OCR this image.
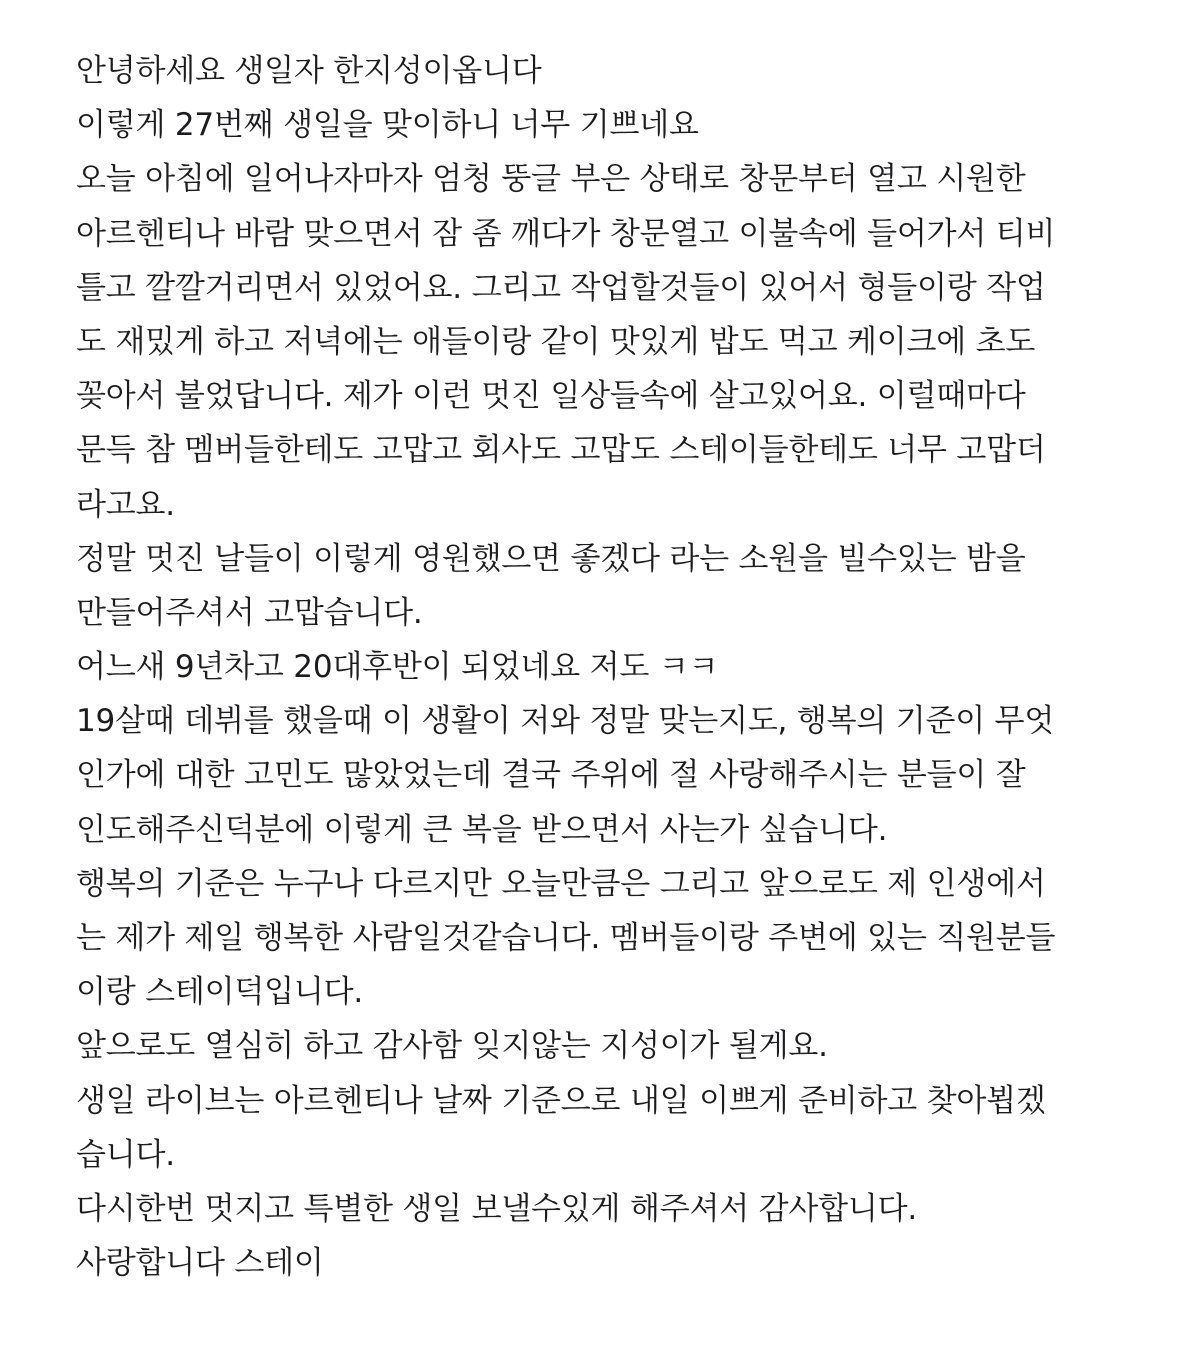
안녕하세요 생일자 한지성이옵니다
이렇게 27번째 생일을 맞이하니 너무 기쁘네요
오늘 아침에 일어나자마자 엄청 뚱글 부은 상태로 창문부터 열고 시원한
아르헨티나 바람 맞으면서 잠 좀 깨다가 창문열고 이불속에 들어가서 티비
틀고 깔깔거리면서 있었어요. 그리고 작업할것들이 있어서 형들이랑 작업
도 재밌게 하고 저녁에는 애들이랑 같이 맛있게 밥도 먹고 케이크에 초도
꽂아서 불었답니다. 제가 이런 멋진 일상들속에 살고있어요. 이럴때마다
문득 참 멤버들한테도 고맙고 회사도 고맙도 스테이들한테도 너무 고맙더
라고요.
정말 멋진 날들이 이렇게 영원했으면 좋겠다 라는 소원을 빌수있는 밤을
만들어주셔서 고맙습니다.
어느새 9년차고 20대후반이 되었네요 저도 ㅋㅋ
19살때 데뷔를 했을때 이 생활이 저와 정말 맞는지도, 행복의 기준이 무엇
인가에 대한 고민도 많았었는데 결국 주위에 절 사랑해주시는 분들이 잘
인도해주신덕분에 이렇게 큰 복을 받으면서 사는가 싶습니다.
행복의 기준은 누구나 다르지만 오늘만큼은 그리고 앞으로도 제 인생에서
는 제가 제일 행복한 사람일것같습니다. 멤버들이랑 주변에 있는 직원분들
이랑 스테이덕입니다.
앞으로도 열심히 하고 감사함 잊지않는 지성이가 될게요.
생일 라이브는 아르헨티나 날짜 기준으로 내일 이쁘게 준비하고 찾아뵙겠
습니다.
다시한번 멋지고 특별한 생일 보낼수있게 해주셔서 감사합니다.
사랑합니다 스테이
